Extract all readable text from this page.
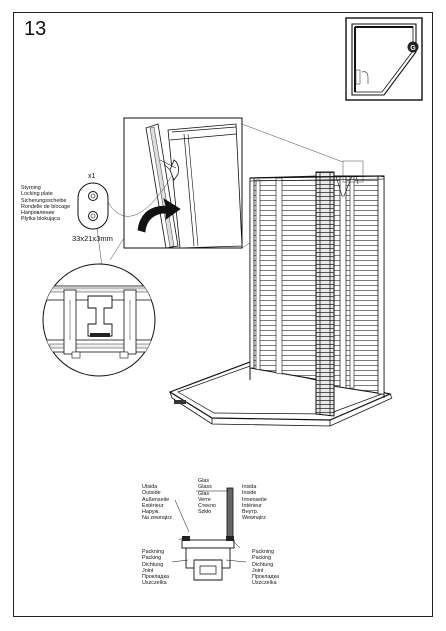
13
G
x1
Styrning
Locking plate
Sicherungsscheibe
Rondelle de blocage
Напрявление
Płytka blokująca
33x21x3mm
Glas
Glass
Glas
Verre
Стекло
Szkło
Utsida
Outside
Außenseite
Extérieur
Наруж.
Na zewnątrz
Insida
Inside
Innenseite
Intérieur
Внутр.
Wewnątrz
Packning
Packing
Dichtung
Joint
Прокладка
Uszczelka
Packning
Packing
Dichtung
Joint
Прокладка
Uszczelka
